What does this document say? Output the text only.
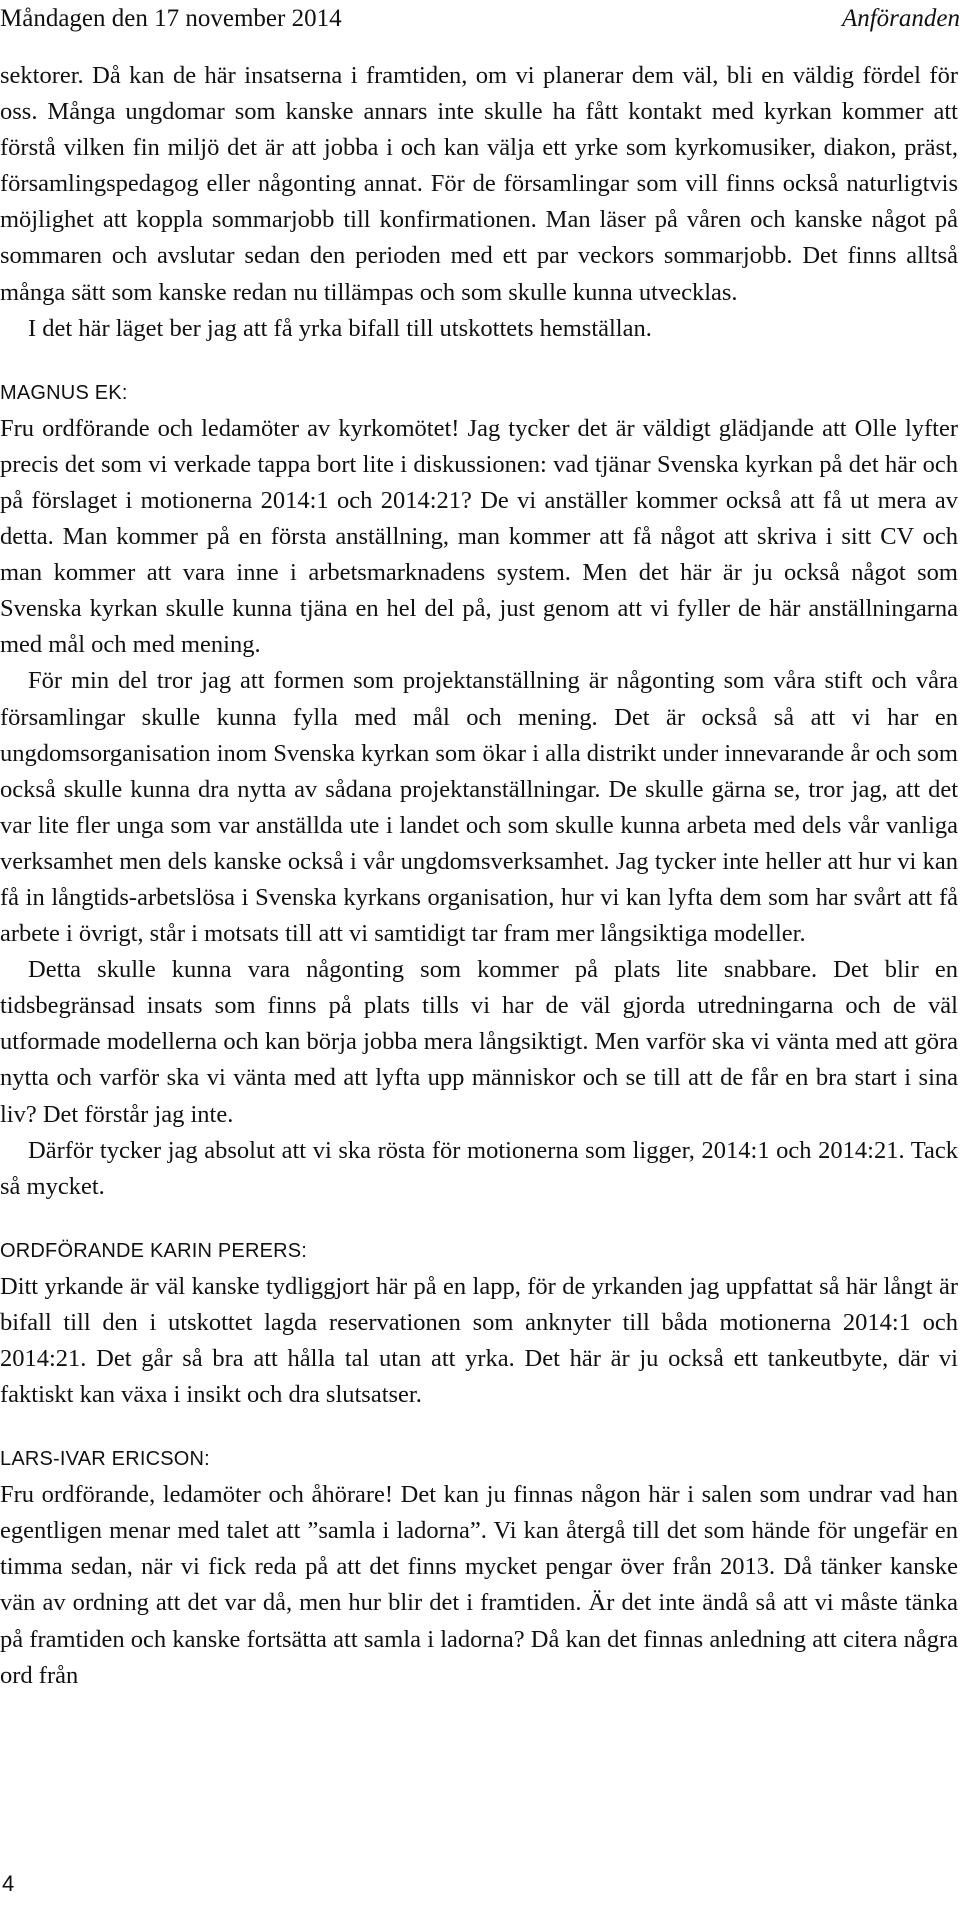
Måndagen den 17 november 2014	Anföranden

sektorer. Då kan de här insatserna i framtiden, om vi planerar dem väl, bli en väldig fördel för oss. Många ungdomar som kanske annars inte skulle ha fått kontakt med kyrkan kommer att förstå vilken fin miljö det är att jobba i och kan välja ett yrke som kyrkomusiker, diakon, präst, församlingspedagog eller någonting annat. För de församlingar som vill finns också naturligtvis möjlighet att koppla sommarjobb till konfirmationen. Man läser på våren och kanske något på sommaren och avslutar sedan den perioden med ett par veckors sommarjobb. Det finns alltså många sätt som kanske redan nu tillämpas och som skulle kunna utvecklas.

I det här läget ber jag att få yrka bifall till utskottets hemställan.

MAGNUS EK:

Fru ordförande och ledamöter av kyrkomötet! Jag tycker det är väldigt glädjande att Olle lyfter precis det som vi verkade tappa bort lite i diskussionen: vad tjänar Svenska kyrkan på det här och på förslaget i motionerna 2014:1 och 2014:21? De vi anställer kommer också att få ut mera av detta. Man kommer på en första anställning, man kommer att få något att skriva i sitt CV och man kommer att vara inne i arbetsmarknadens system. Men det här är ju också något som Svenska kyrkan skulle kunna tjäna en hel del på, just genom att vi fyller de här anställningarna med mål och med mening.

För min del tror jag att formen som projektanställning är någonting som våra stift och våra församlingar skulle kunna fylla med mål och mening. Det är också så att vi har en ungdomsorganisation inom Svenska kyrkan som ökar i alla distrikt under innevarande år och som också skulle kunna dra nytta av sådana projektanställningar. De skulle gärna se, tror jag, att det var lite fler unga som var anställda ute i landet och som skulle kunna arbeta med dels vår vanliga verksamhet men dels kanske också i vår ungdomsverksamhet. Jag tycker inte heller att hur vi kan få in långtids-arbetslösa i Svenska kyrkans organisation, hur vi kan lyfta dem som har svårt att få arbete i övrigt, står i motsats till att vi samtidigt tar fram mer långsiktiga modeller.

Detta skulle kunna vara någonting som kommer på plats lite snabbare. Det blir en tidsbegränsad insats som finns på plats tills vi har de väl gjorda utredningarna och de väl utformade modellerna och kan börja jobba mera långsiktigt. Men varför ska vi vänta med att göra nytta och varför ska vi vänta med att lyfta upp människor och se till att de får en bra start i sina liv? Det förstår jag inte.

Därför tycker jag absolut att vi ska rösta för motionerna som ligger, 2014:1 och 2014:21. Tack så mycket.

ORDFÖRANDE KARIN PERERS:

Ditt yrkande är väl kanske tydliggjort här på en lapp, för de yrkanden jag uppfattat så här långt är bifall till den i utskottet lagda reservationen som anknyter till båda motionerna 2014:1 och 2014:21. Det går så bra att hålla tal utan att yrka. Det här är ju också ett tankeutbyte, där vi faktiskt kan växa i insikt och dra slutsatser.

LARS-IVAR ERICSON:

Fru ordförande, ledamöter och åhörare! Det kan ju finnas någon här i salen som undrar vad han egentligen menar med talet att ”samla i ladorna”. Vi kan återgå till det som hände för ungefär en timma sedan, när vi fick reda på att det finns mycket pengar över från 2013. Då tänker kanske vän av ordning att det var då, men hur blir det i framtiden. Är det inte ändå så att vi måste tänka på framtiden och kanske fortsätta att samla i ladorna? Då kan det finnas anledning att citera några ord från

4
